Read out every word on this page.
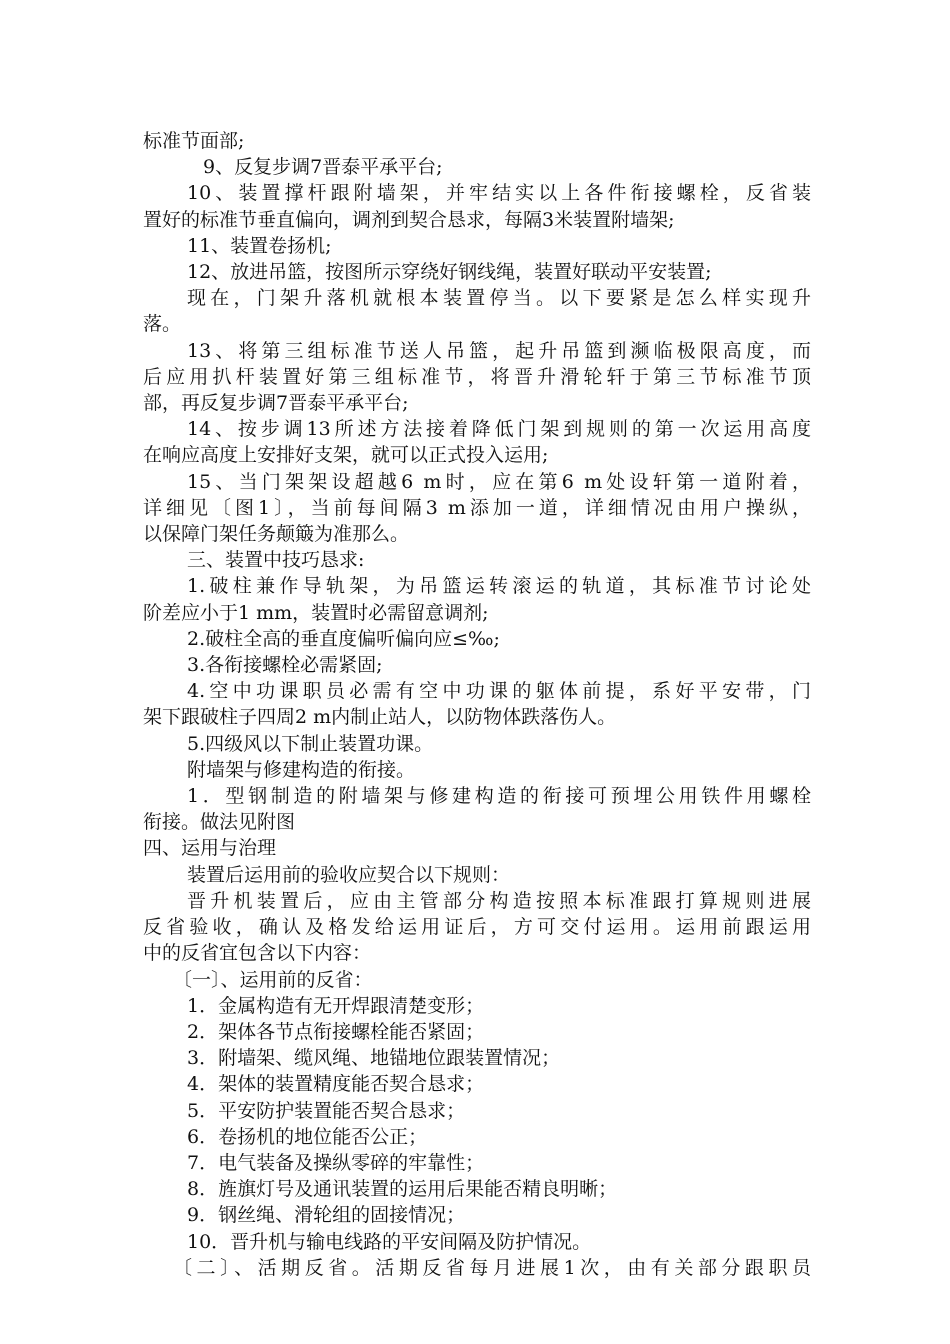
标准节面部;
9、反复步调7晋泰平承平台;
10、装置撑杆跟附墙架，并牢结实以上各件衔接螺栓，反省装
置好的标准节垂直偏向，调剂到契合恳求，每隔3米装置附墙架;
11、装置卷扬机;
12、放进吊篮，按图所示穿绕好钢线绳，装置好联动平安装置;
现在，门架升落机就根本装置停当。以下要紧是怎么样实现升
落。
13、将第三组标准节送人吊篮，起升吊篮到濒临极限高度，而
后应用扒杆装置好第三组标准节，将晋升滑轮轩于第三节标准节顶
部，再反复步调7晋泰平承平台;
14、按步调13所述方法接着降低门架到规则的第一次运用高度
在响应高度上安排好支架，就可以正式投入运用;
15、当门架架设超越6 m时，应在第6 m处设轩第一道附着，
详细见〔图1〕，当前每间隔3 m添加一道，详细情况由用户操纵，
以保障门架任务颠簸为准那么。
三、装置中技巧恳求:
1.破柱兼作导轨架，为吊篮运转滚运的轨道，其标准节讨论处
阶差应小于1 mm，装置时必需留意调剂;
2.破柱全高的垂直度偏听偏向应≤‰;
3.各衔接螺栓必需紧固;
4.空中功课职员必需有空中功课的躯体前提，系好平安带，门
架下跟破柱子四周2 m内制止站人，以防物体跌落伤人。
5.四级风以下制止装置功课。
附墙架与修建构造的衔接。
1．型钢制造的附墙架与修建构造的衔接可预埋公用铁件用螺栓
衔接。做法见附图
四、运用与治理
装置后运用前的验收应契合以下规则：
晋升机装置后，应由主管部分构造按照本标准跟打算规则进展
反省验收，确认及格发给运用证后，方可交付运用。运用前跟运用
中的反省宜包含以下内容：
〔一〕、运用前的反省：
1．金属构造有无开焊跟清楚变形；
2．架体各节点衔接螺栓能否紧固；
3．附墙架、缆风绳、地锚地位跟装置情况；
4．架体的装置精度能否契合恳求；
5．平安防护装置能否契合恳求；
6．卷扬机的地位能否公正；
7．电气装备及操纵零碎的牢靠性；
8．旌旗灯号及通讯装置的运用后果能否精良明晰；
9．钢丝绳、滑轮组的固接情况；
10．晋升机与输电线路的平安间隔及防护情况。
〔二〕、活期反省。活期反省每月进展1次，由有关部分跟职员
